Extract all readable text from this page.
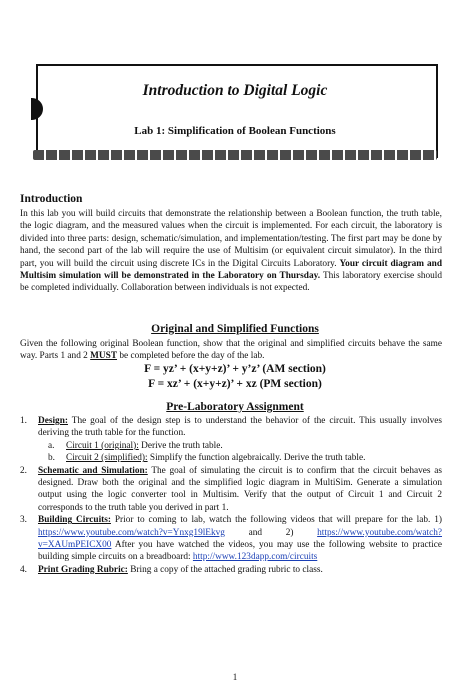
Introduction to Digital Logic
Lab 1: Simplification of Boolean Functions
Introduction
In this lab you will build circuits that demonstrate the relationship between a Boolean function, the truth table, the logic diagram, and the measured values when the circuit is implemented. For each circuit, the laboratory is divided into three parts: design, schematic/simulation, and implementation/testing. The first part may be done by hand, the second part of the lab will require the use of Multisim (or equivalent circuit simulator). In the third part, you will build the circuit using discrete ICs in the Digital Circuits Laboratory. Your circuit diagram and Multisim simulation will be demonstrated in the Laboratory on Thursday. This laboratory exercise should be completed individually. Collaboration between individuals is not expected.
Original and Simplified Functions
Given the following original Boolean function, show that the original and simplified circuits behave the same way. Parts 1 and 2 MUST be completed before the day of the lab.
F = yz’ + (x+y+z)’ + y’z’ (AM section)
F = xz’ + (x+y+z)’ + xz (PM section)
Pre-Laboratory Assignment
1. Design: The goal of the design step is to understand the behavior of the circuit. This usually involves deriving the truth table for the function.
a. Circuit 1 (original): Derive the truth table.
b. Circuit 2 (simplified): Simplify the function algebraically. Derive the truth table.
2. Schematic and Simulation: The goal of simulating the circuit is to confirm that the circuit behaves as designed. Draw both the original and the simplified logic diagram in MultiSim. Generate a simulation output using the logic converter tool in Multisim. Verify that the output of Circuit 1 and Circuit 2 corresponds to the truth table you derived in part 1.
3. Building Circuits: Prior to coming to lab, watch the following videos that will prepare for the lab. 1) https://www.youtube.com/watch?v=Ynxg19lEkvg	and 2)	https://www.youtube.com/watch?v=XAUmPEICX00 After you have watched the videos, you may use the following website to practice building simple circuits on a breadboard: http://www.123dapp.com/circuits
4. Print Grading Rubric: Bring a copy of the attached grading rubric to class.
1
